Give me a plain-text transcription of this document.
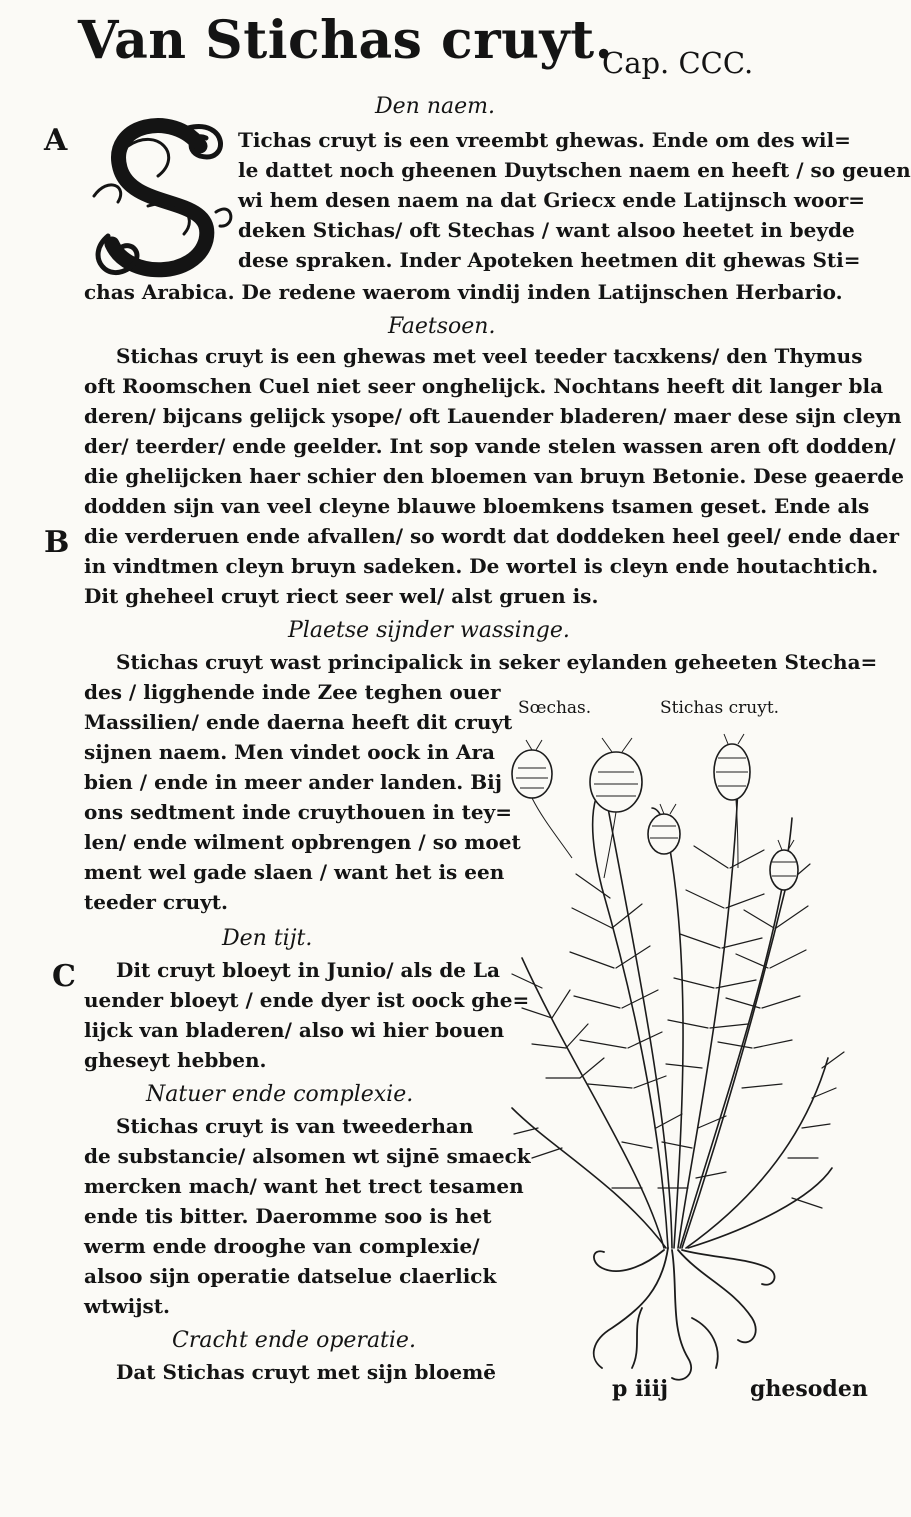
Van Stichas cruyt.
Cap. CCC.
Den naem.
A	Tichas cruyt is een vreembt ghewas. Ende om des wil=
le dattet noch gheenen Duytschen naem en heeft / so geuen
wi hem desen naem na dat Griecx ende Latijnsch woor=
deken Stichas/ oft Stechas / want alsoo heetet in beyde
dese spraken. Inder Apoteken heetmen dit ghewas Sti=
chas Arabica. De redene waerom vindij inden Latijnschen Herbario.
Faetsoen.
Stichas cruyt is een ghewas met veel teeder tacxkens/ den Thymus
oft Roomschen Cuel niet seer onghelijck. Nochtans heeft dit langer bla
deren/ bijcans gelijck ysope/ oft Lauender bladeren/ maer dese sijn cleyn
der/ teerder/ ende geelder. Int sop vande stelen wassen aren oft dodden/
die ghelijcken haer schier den bloemen van bruyn Betonie. Dese geaerde
dodden sijn van veel cleyne blauwe bloemkens tsamen geset. Ende als
B die verderuen ende afvallen/ so wordt dat doddeken heel geel/ ende daer
in vindtmen cleyn bruyn sadeken. De wortel is cleyn ende houtachtich.
Dit gheheel cruyt riect seer wel/ alst gruen is.
Plaetse sijnder wassinge.
Stichas cruyt wast principalick in seker eylanden geheeten Stecha=
des / ligghende inde Zee teghen ouer
Massilien/ ende daerna heeft dit cruyt
sijnen naem. Men vindet oock in Ara
bien / ende in meer ander landen. Bij
ons sedtment inde cruythouen in tey=
len/ ende wilment opbrengen / so moet
ment wel gade slaen / want het is een
teeder cruyt.
Den tijt.
C Dit cruyt bloeyt in Junio/ als de La
uender bloeyt / ende dyer ist oock ghe=
lijck van bladeren/ also wi hier bouen
gheseyt hebben.
Natuer ende complexie.
Stichas cruyt is van tweederhan
de substancie/ alsomen wt sijnē smaeck
mercken mach/ want het trect tesamen
ende tis bitter. Daeromme soo is het
werm ende drooghe van complexie/
alsoo sijn operatie datselue claerlick
wtwijst.
Cracht ende operatie.
Dat Stichas cruyt met sijn bloemē
Sœchas.	Stichas cruyt.
p iiij	ghesoden
